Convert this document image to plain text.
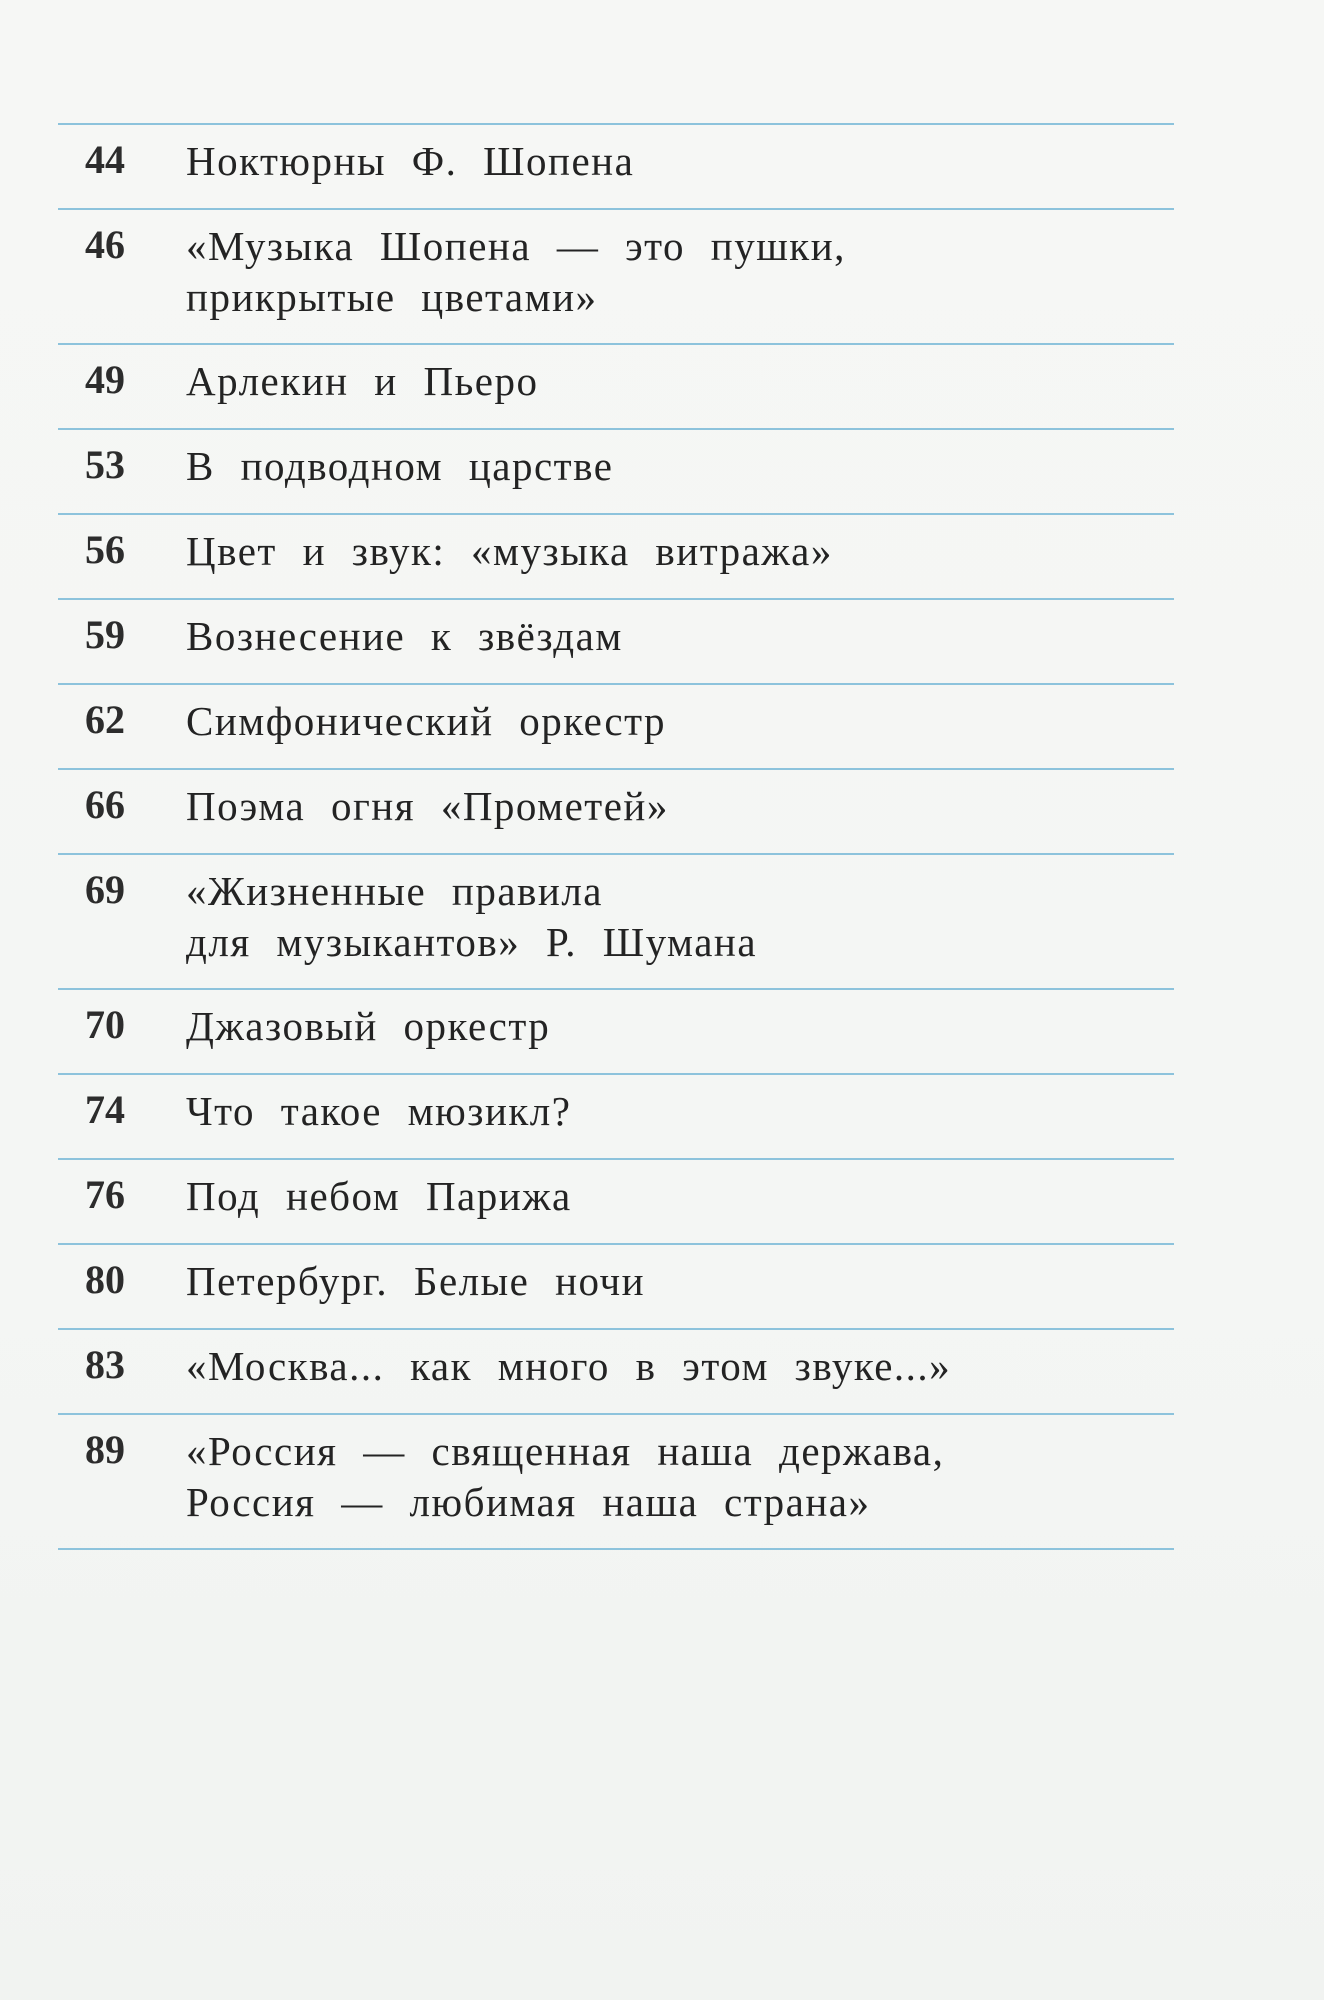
44	Ноктюрны Ф. Шопена
46	«Музыка Шопена — это пушки,
прикрытые цветами»
49	Арлекин и Пьеро
53	В подводном царстве
56	Цвет и звук: «музыка витража»
59	Вознесение к звёздам
62	Симфонический оркестр
66	Поэма огня «Прометей»
69	«Жизненные правила
для музыкантов» Р. Шумана
70	Джазовый оркестр
74	Что такое мюзикл?
76	Под небом Парижа
80	Петербург. Белые ночи
83	«Москва... как много в этом звуке...»
89	«Россия — священная наша держава,
Россия — любимая наша страна»
